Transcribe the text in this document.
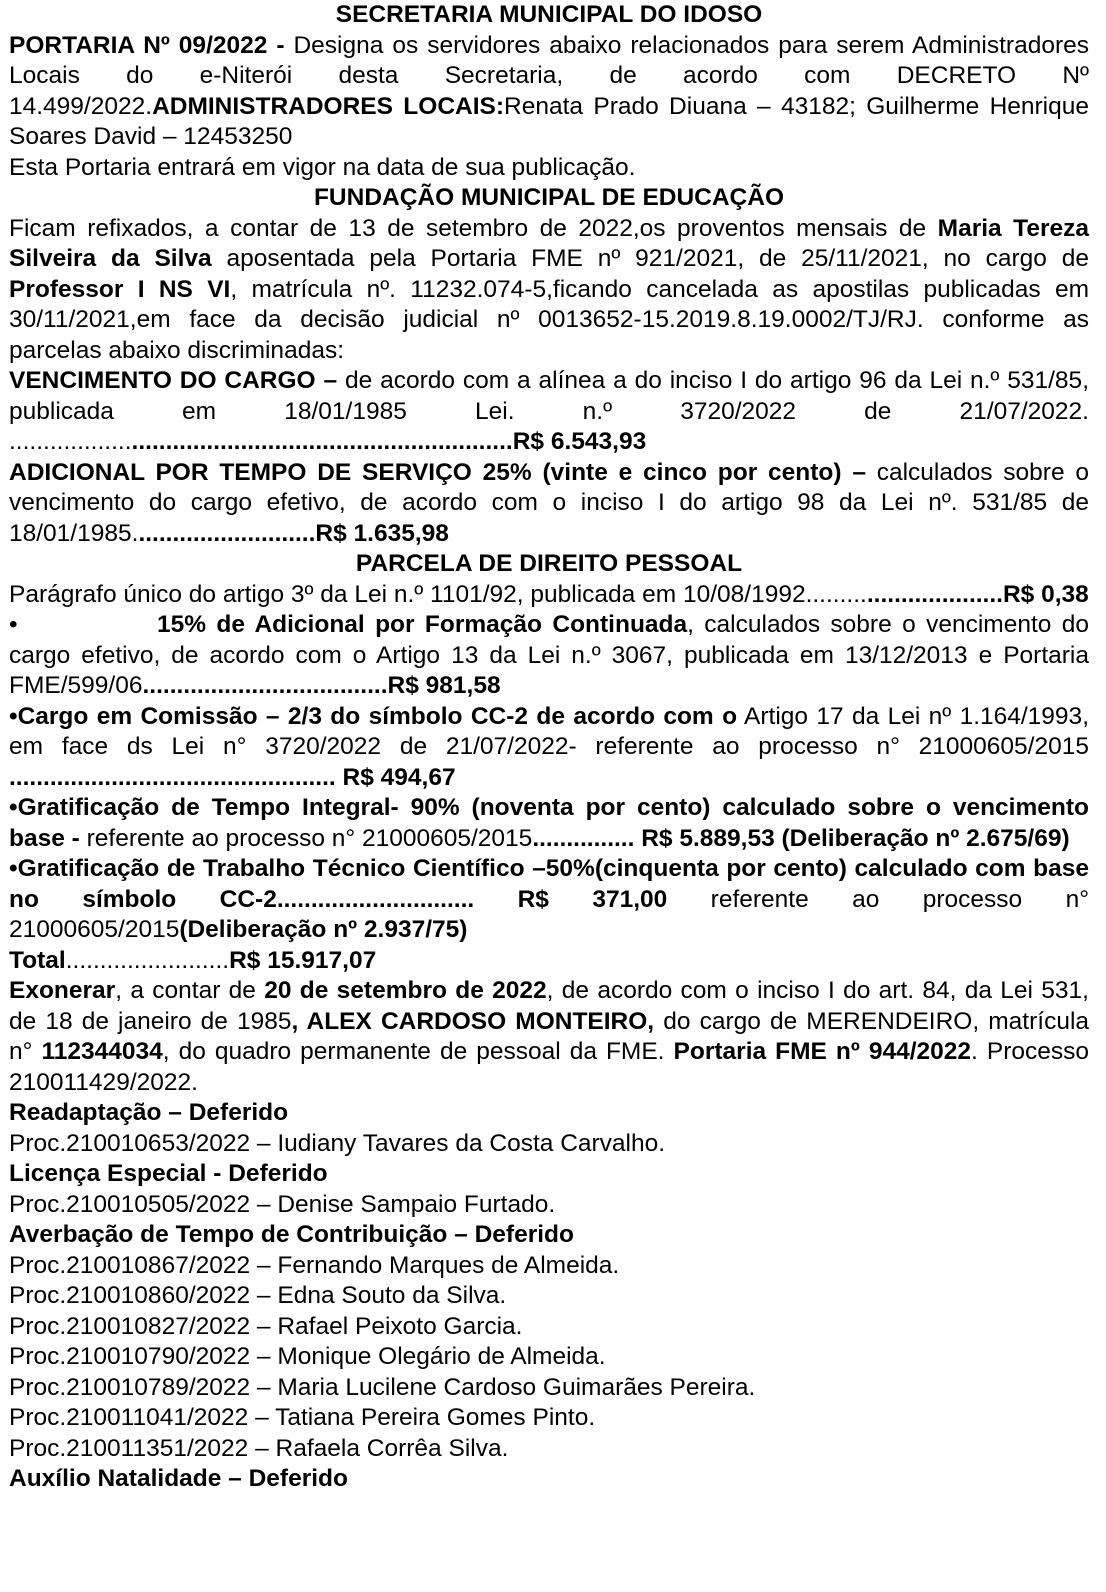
SECRETARIA MUNICIPAL DO IDOSO

PORTARIA Nº 09/2022 - Designa os servidores abaixo relacionados para serem Administradores Locais do e-Niterói desta Secretaria, de acordo com DECRETO Nº 14.499/2022.ADMINISTRADORES LOCAIS:Renata Prado Diuana – 43182; Guilherme Henrique Soares David – 12453250

Esta Portaria entrará em vigor na data de sua publicação.

FUNDAÇÃO MUNICIPAL DE EDUCAÇÃO

Ficam refixados, a contar de 13 de setembro de 2022,os proventos mensais de Maria Tereza Silveira da Silva aposentada pela Portaria FME nº 921/2021, de 25/11/2021, no cargo de Professor I NS VI, matrícula nº. 11232.074-5,ficando cancelada as apostilas publicadas em 30/11/2021,em face da decisão judicial nº 0013652-15.2019.8.19.0002/TJ/RJ. conforme as parcelas abaixo discriminadas:

VENCIMENTO DO CARGO – de acordo com a alínea a do inciso I do artigo 96 da Lei n.º 531/85, publicada em 18/01/1985 Lei. n.º 3720/2022 de 21/07/2022. ..........................................................................R$ 6.543,93

ADICIONAL POR TEMPO DE SERVIÇO 25% (vinte e cinco por cento) – calculados sobre o vencimento do cargo efetivo, de acordo com o inciso I do artigo 98 da Lei nº. 531/85 de 18/01/1985...........................R$ 1.635,98

PARCELA DE DIREITO PESSOAL

Parágrafo único do artigo 3º da Lei n.º 1101/92, publicada em 10/08/1992.............................R$ 0,38

•	15% de Adicional por Formação Continuada, calculados sobre o vencimento do cargo efetivo, de acordo com o Artigo 13 da Lei n.º 3067, publicada em 13/12/2013 e Portaria FME/599/06....................................R$ 981,58

•Cargo em Comissão – 2/3 do símbolo CC-2 de acordo com o Artigo 17 da Lei nº 1.164/1993, em face ds Lei n° 3720/2022 de 21/07/2022- referente ao processo n° 21000605/2015 ................................................ R$ 494,67

•Gratificação de Tempo Integral- 90% (noventa por cento) calculado sobre o vencimento base - referente ao processo n° 21000605/2015............... R$ 5.889,53 (Deliberação nº 2.675/69)

•Gratificação de Trabalho Técnico Científico –50%(cinquenta por cento) calculado com base no símbolo CC-2............................. R$ 371,00 referente ao processo n° 21000605/2015(Deliberação nº 2.937/75)

Total........................R$ 15.917,07

Exonerar, a contar de 20 de setembro de 2022, de acordo com o inciso I do art. 84, da Lei 531, de 18 de janeiro de 1985, ALEX CARDOSO MONTEIRO, do cargo de MERENDEIRO, matrícula n° 112344034, do quadro permanente de pessoal da FME. Portaria FME nº 944/2022. Processo 210011429/2022.

Readaptação – Deferido

Proc.210010653/2022 – Iudiany Tavares da Costa Carvalho.

Licença Especial - Deferido

Proc.210010505/2022 – Denise Sampaio Furtado.

Averbação de Tempo de Contribuição – Deferido

Proc.210010867/2022 – Fernando Marques de Almeida.

Proc.210010860/2022 – Edna Souto da Silva.

Proc.210010827/2022 – Rafael Peixoto Garcia.

Proc.210010790/2022 – Monique Olegário de Almeida.

Proc.210010789/2022 – Maria Lucilene Cardoso Guimarães Pereira.

Proc.210011041/2022 – Tatiana Pereira Gomes Pinto.

Proc.210011351/2022 – Rafaela Corrêa Silva.

Auxílio Natalidade – Deferido
